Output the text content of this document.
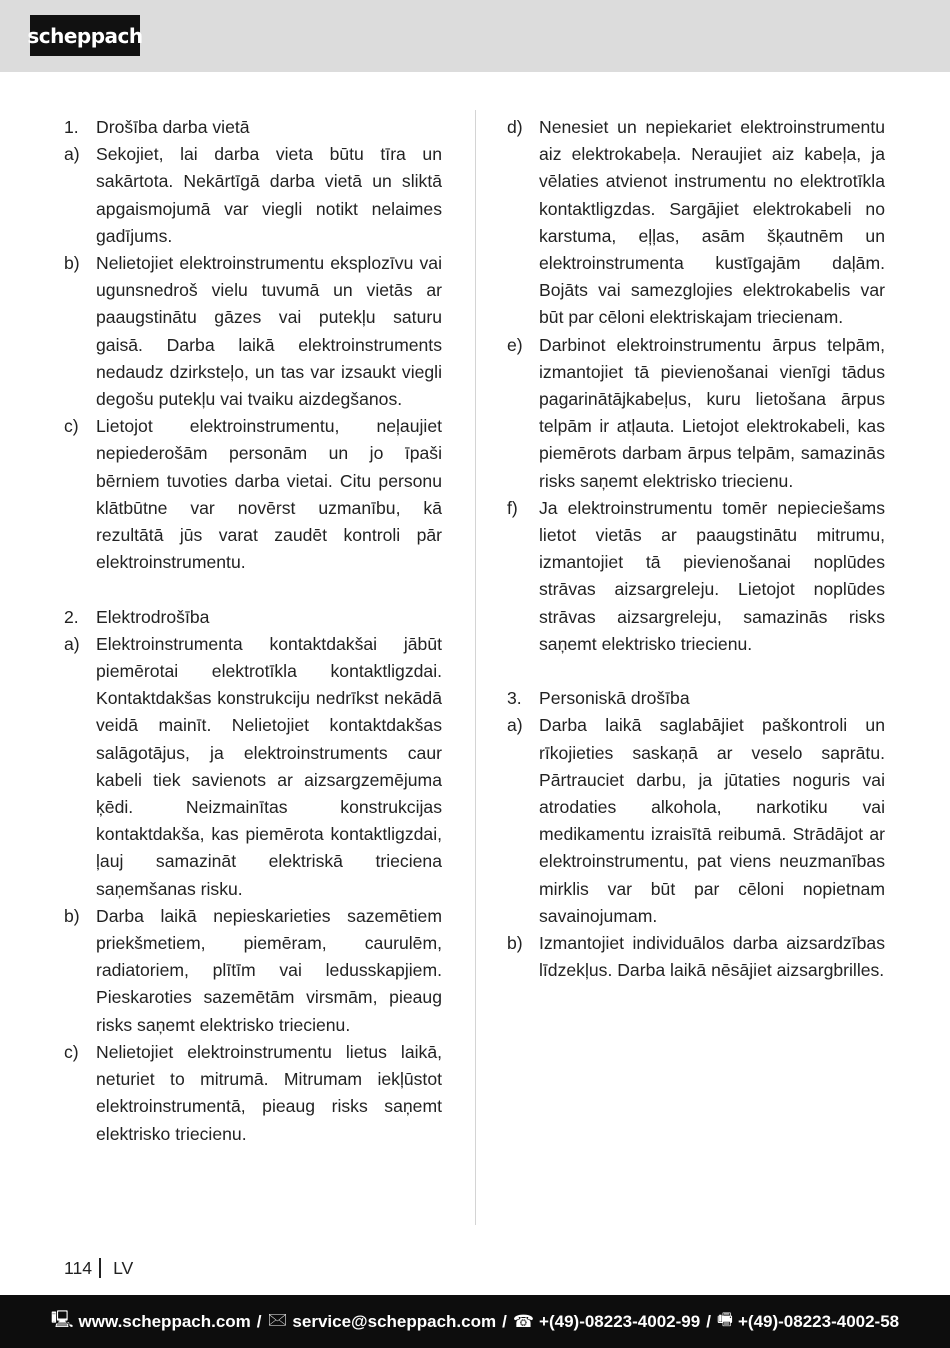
scheppach
1. Drošība darba vietā
a) Sekojiet, lai darba vieta būtu tīra un sakārtota. Nekārtīgā darba vietā un sliktā apgaismojumā var viegli notikt nelaimes gadījums.
b) Nelietojiet elektroinstrumentu eksplozīvu vai ugunsnedroš vielu tuvumā un vietās ar paaugstinātu gāzes vai putekļu saturu gaisā. Darba laikā elektroinstruments nedaudz dzirksteļo, un tas var izsaukt viegli degošu putekļu vai tvaiku aizdegšanos.
c) Lietojot elektroinstrumentu, neļaujiet nepiederošām personām un jo īpaši bērniem tuvoties darba vietai. Citu personu klātbūtne var novērst uzmanību, kā rezultātā jūs varat zaudēt kontroli pār elektroinstrumentu.
2. Elektrodrošība
a) Elektroinstrumenta kontaktdakšai jābūt piemērotai elektrotīkla kontaktligzdai. Kontaktdakšas konstrukciju nedrīkst nekādā veidā mainīt. Nelietojiet kontaktdakšas salāgotājus, ja elektroinstruments caur kabeli tiek savienots ar aizsargzemējuma ķēdi. Neizmainītas konstrukcijas kontaktdakša, kas piemērota kontaktligzdai, ļauj samazināt elektriskā trieciena saņemšanas risku.
b) Darba laikā nepieskarieties sazemētiem priekšmetiem, piemēram, caurulēm, radiatoriem, plītīm vai ledusskapjiem. Pieskaroties sazemētām virsmām, pieaug risks saņemt elektrisko triecienu.
c) Nelietojiet elektroinstrumentu lietus laikā, neturiet to mitrumā. Mitrumam iekļūstot elektroinstrumentā, pieaug risks saņemt elektrisko triecienu.
d) Nenesiet un nepiekariet elektroinstrumentu aiz elektrokabeļa. Neraujiet aiz kabeļa, ja vēlaties atvienot instrumentu no elektrotīkla kontaktligzdas. Sargājiet elektrokabeli no karstuma, eļļas, asām šķautnēm un elektroinstrumenta kustīgajām daļām. Bojāts vai samezglojies elektrokabelis var būt par cēloni elektriskajam triecienam.
e) Darbinot elektroinstrumentu ārpus telpām, izmantojiet tā pievienošanai vienīgi tādus pagarinātājkabeļus, kuru lietošana ārpus telpām ir atļauta. Lietojot elektrokabeli, kas piemērots darbam ārpus telpām, samazinās risks saņemt elektrisko triecienu.
f)	Ja elektroinstrumentu tomēr nepieciešams lietot vietās ar paaugstinātu mitrumu, izmantojiet tā pievienošanai noplūdes strāvas aizsargreleju. Lietojot noplūdes strāvas aizsargreleju, samazinās risks saņemt elektrisko triecienu.
3. Personiskā drošība
a) Darba laikā saglabājiet paškontroli un rīkojieties saskaņā ar veselo saprātu. Pārtrauciet darbu, ja jūtaties noguris vai atrodaties alkohola, narkotiku vai medikamentu izraisītā reibumā. Strādājot ar elektroinstrumentu, pat viens neuzmanības mirklis var būt par cēloni nopietnam savainojumam.
b) Izmantojiet individuālos darba aizsardzības līdzekļus. Darba laikā nēsājiet aizsargbrilles.
114 LV
🖳 www.scheppach.com / 🖂 service@scheppach.com / ☎ +(49)-08223-4002-99 / 🖷 +(49)-08223-4002-58
